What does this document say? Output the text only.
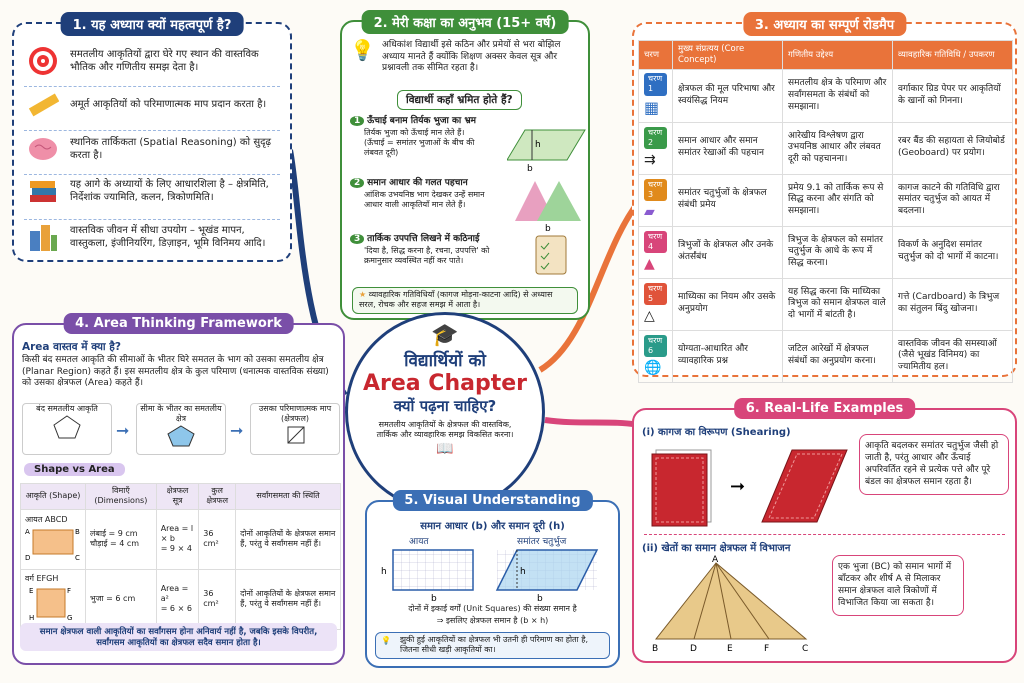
1. यह अध्याय क्यों महत्वपूर्ण है?
समतलीय आकृतियों द्वारा घेरे गए स्थान की वास्तविक भौतिक और गणितीय समझ देता है।
अमूर्त आकृतियों को परिमाणात्मक माप प्रदान करता है।
स्थानिक तार्किकता (Spatial Reasoning) को सुदृढ़ करता है।
यह आगे के अध्यायों के लिए आधारशिला है – क्षेत्रमिति, निर्देशांक ज्यामिति, कलन, त्रिकोणमिति।
वास्तविक जीवन में सीधा उपयोग – भूखंड मापन, वास्तुकला, इंजीनियरिंग, डिज़ाइन, भूमि विनिमय आदि।
2. मेरी कक्षा का अनुभव (15+ वर्ष)
💡 अधिकांश विद्यार्थी इसे कठिन और प्रमेयों से भरा बोझिल अध्याय मानते हैं क्योंकि शिक्षण अक्सर केवल सूत्र और प्रश्नावली तक सीमित रहता है।
विद्यार्थी कहाँ भ्रमित होते हैं?
1 ऊँचाई बनाम तिर्यक भुजा का भ्रम
तिर्यक भुजा को ऊँचाई मान लेते हैं। (ऊँचाई = समांतर भुजाओं के बीच की लंबवत दूरी)
h
b
2 समान आधार की गलत पहचान
आंशिक उभयनिष्ठ भाग देखकर उन्हें समान आधार वाली आकृतियाँ मान लेते हैं।
b
3 तार्किक उपपत्ति लिखने में कठिनाई
'दिया है, सिद्ध करना है, रचना, उपपत्ति' को क्रमानुसार व्यवस्थित नहीं कर पाते।
★ व्यावहारिक गतिविधियाँ (कागज मोड़ना-काटना आदि) से अध्यास सरल, रोचक और सहज समझ में आता है।
3. अध्याय का सम्पूर्ण रोडमैप
चरण	मुख्य संप्रत्यय (Core Concept)	गणितीय उद्देश्य	व्यावहारिक गतिविधि / उपकरण
चरण 1
▦	क्षेत्रफल की मूल परिभाषा और स्वयंसिद्ध नियम	समतलीय क्षेत्र के परिमाण और सर्वांगसमता के संबंधों को समझाना।	वर्गाकार ग्रिड पेपर पर आकृतियों के खानों को गिनना।
चरण 2
⇉	समान आधार और समान समांतर रेखाओं की पहचान	आरेखीय विश्लेषण द्वारा उभयनिष्ठ आधार और लंबवत दूरी को पहचानना।	रबर बैंड की सहायता से जियोबोर्ड (Geoboard) पर प्रयोग।
चरण 3
▰	समांतर चतुर्भुजों के क्षेत्रफल संबंधी प्रमेय	प्रमेय 9.1 को तार्किक रूप से सिद्ध करना और संगति को समझाना।	कागज काटने की गतिविधि द्वारा समांतर चतुर्भुज को आयत में बदलना।
चरण 4
▲	त्रिभुजों के क्षेत्रफल और उनके अंतर्संबंध	त्रिभुज के क्षेत्रफल को समांतर चतुर्भुज के आधे के रूप में सिद्ध करना।	विकर्ण के अनुदिश समांतर चतुर्भुज को दो भागों में काटना।
चरण 5
△	माध्यिका का नियम और उसके अनुप्रयोग	यह सिद्ध करना कि माध्यिका त्रिभुज को समान क्षेत्रफल वाले दो भागों में बांटती है।	गत्ते (Cardboard) के त्रिभुज का संतुलन बिंदु खोजना।
चरण 6
🌐	योग्यता-आधारित और व्यावहारिक प्रश्न	जटिल आरेखों में क्षेत्रफल संबंधों का अनुप्रयोग करना।	वास्तविक जीवन की समस्याओं (जैसे भूखंड विनिमय) का ज्यामितीय हल।
4. Area Thinking Framework
Area वास्तव में क्या है?
किसी बंद समतल आकृति की सीमाओं के भीतर घिरे समतल के भाग को उसका समतलीय क्षेत्र (Planar Region) कहते हैं। इस समतलीय क्षेत्र के कुल परिमाण (धनात्मक वास्तविक संख्या) को उसका क्षेत्रफल (Area) कहते हैं।
बंद समतलीय आकृति
➞
सीमा के भीतर का समतलीय क्षेत्र
➞
उसका परिमाणात्मक माप (क्षेत्रफल)
Shape vs Area
आकृति (Shape)	विमाएँ (Dimensions)	क्षेत्रफल सूत्र	कुल क्षेत्रफल	सर्वांगसमता की स्थिति

आयत ABCD
A B
D C	लंबाई = 9 cm
चौड़ाई = 4 cm	Area = l × b
= 9 × 4	36 cm²	दोनों आकृतियों के क्षेत्रफल समान हैं, परंतु वे सर्वांगसम नहीं हैं।

वर्ग EFGH
E F
H G	भुजा = 6 cm	Area = a²
= 6 × 6	36 cm²	दोनों आकृतियों के क्षेत्रफल समान हैं, परंतु वे सर्वांगसम नहीं हैं।
समान क्षेत्रफल वाली आकृतियों का सर्वांगसम होना अनिवार्य नहीं है, जबकि इसके विपरीत, सर्वांगसम आकृतियों का क्षेत्रफल सदैव समान होता है।
🎓
विद्यार्थियों को
Area Chapter
क्यों पढ़ना चाहिए?
समतलीय आकृतियों के क्षेत्रफल की वास्तविक, तार्किक और व्यावहारिक समझ विकसित करना।
📖
5. Visual Understanding
समान आधार (b) और समान दूरी (h)
आयत	समांतर चतुर्भुज
h
b
h
b
दोनों में इकाई वर्गों (Unit Squares) की संख्या समान है
⇒ इसलिए क्षेत्रफल समान है (b × h)
💡 झुकी हुई आकृतियों का क्षेत्रफल भी उतनी ही परिमाण का होता है, जितना सीधी खड़ी आकृतियों का।
6. Real-Life Examples
(i) कागज का विरूपण (Shearing)
➞
आकृति बदलकर समांतर चतुर्भुज जैसी हो जाती है, परंतु आधार और ऊँचाई अपरिवर्तित रहने से प्रत्येक पत्ते और पूरे बंडल का क्षेत्रफल समान रहता है।
(ii) खेतों का समान क्षेत्रफल में विभाजन
A
B	D	E	F	C
एक भुजा (BC) को समान भागों में बाँटकर और शीर्ष A से मिलाकर समान क्षेत्रफल वाले त्रिकोणों में विभाजित किया जा सकता है।
